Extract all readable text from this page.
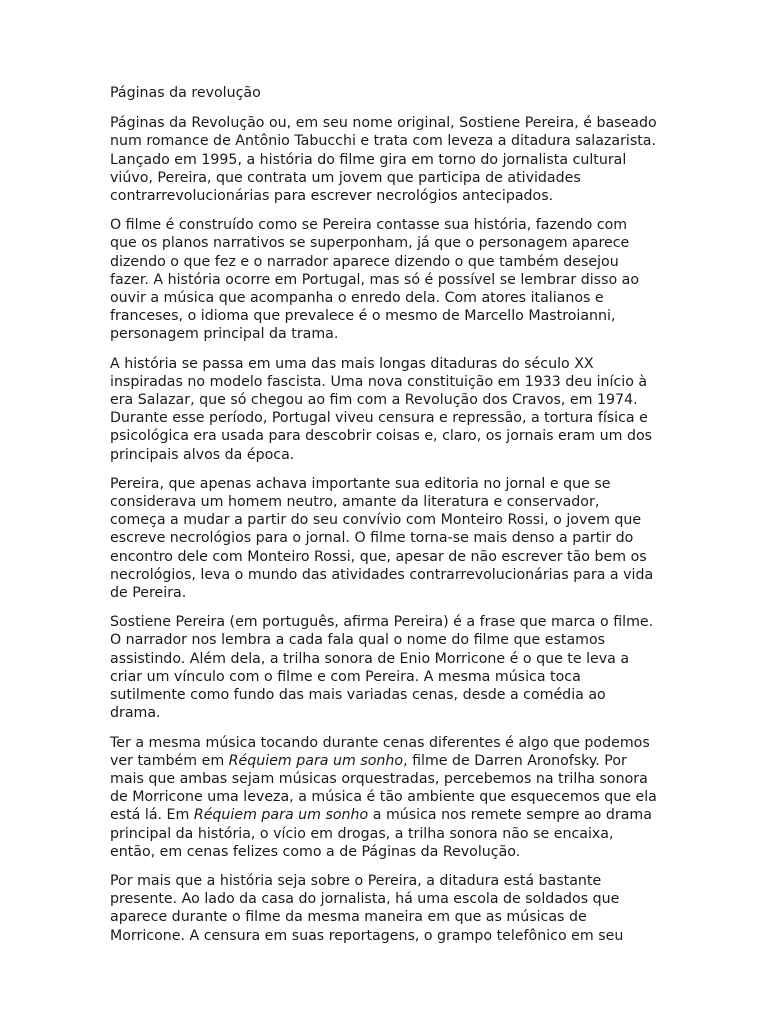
Páginas da revolução
Páginas da Revolução ou, em seu nome original, Sostiene Pereira, é baseado
num romance de Antônio Tabucchi e trata com leveza a ditadura salazarista.
Lançado em 1995, a história do filme gira em torno do jornalista cultural
viúvo, Pereira, que contrata um jovem que participa de atividades
contrarrevolucionárias para escrever necrológios antecipados.
O filme é construído como se Pereira contasse sua história, fazendo com
que os planos narrativos se superponham, já que o personagem aparece
dizendo o que fez e o narrador aparece dizendo o que também desejou
fazer. A história ocorre em Portugal, mas só é possível se lembrar disso ao
ouvir a música que acompanha o enredo dela. Com atores italianos e
franceses, o idioma que prevalece é o mesmo de Marcello Mastroianni,
personagem principal da trama.
A história se passa em uma das mais longas ditaduras do século XX
inspiradas no modelo fascista. Uma nova constituição em 1933 deu início à
era Salazar, que só chegou ao fim com a Revolução dos Cravos, em 1974.
Durante esse período, Portugal viveu censura e repressão, a tortura física e
psicológica era usada para descobrir coisas e, claro, os jornais eram um dos
principais alvos da época.
Pereira, que apenas achava importante sua editoria no jornal e que se
considerava um homem neutro, amante da literatura e conservador,
começa a mudar a partir do seu convívio com Monteiro Rossi, o jovem que
escreve necrológios para o jornal. O filme torna-se mais denso a partir do
encontro dele com Monteiro Rossi, que, apesar de não escrever tão bem os
necrológios, leva o mundo das atividades contrarrevolucionárias para a vida
de Pereira.
Sostiene Pereira (em português, afirma Pereira) é a frase que marca o filme.
O narrador nos lembra a cada fala qual o nome do filme que estamos
assistindo. Além dela, a trilha sonora de Enio Morricone é o que te leva a
criar um vínculo com o filme e com Pereira. A mesma música toca
sutilmente como fundo das mais variadas cenas, desde a comédia ao
drama.
Ter a mesma música tocando durante cenas diferentes é algo que podemos
ver também em Réquiem para um sonho, filme de Darren Aronofsky. Por
mais que ambas sejam músicas orquestradas, percebemos na trilha sonora
de Morricone uma leveza, a música é tão ambiente que esquecemos que ela
está lá. Em Réquiem para um sonho a música nos remete sempre ao drama
principal da história, o vício em drogas, a trilha sonora não se encaixa,
então, em cenas felizes como a de Páginas da Revolução.
Por mais que a história seja sobre o Pereira, a ditadura está bastante
presente. Ao lado da casa do jornalista, há uma escola de soldados que
aparece durante o filme da mesma maneira em que as músicas de
Morricone. A censura em suas reportagens, o grampo telefônico em seu
